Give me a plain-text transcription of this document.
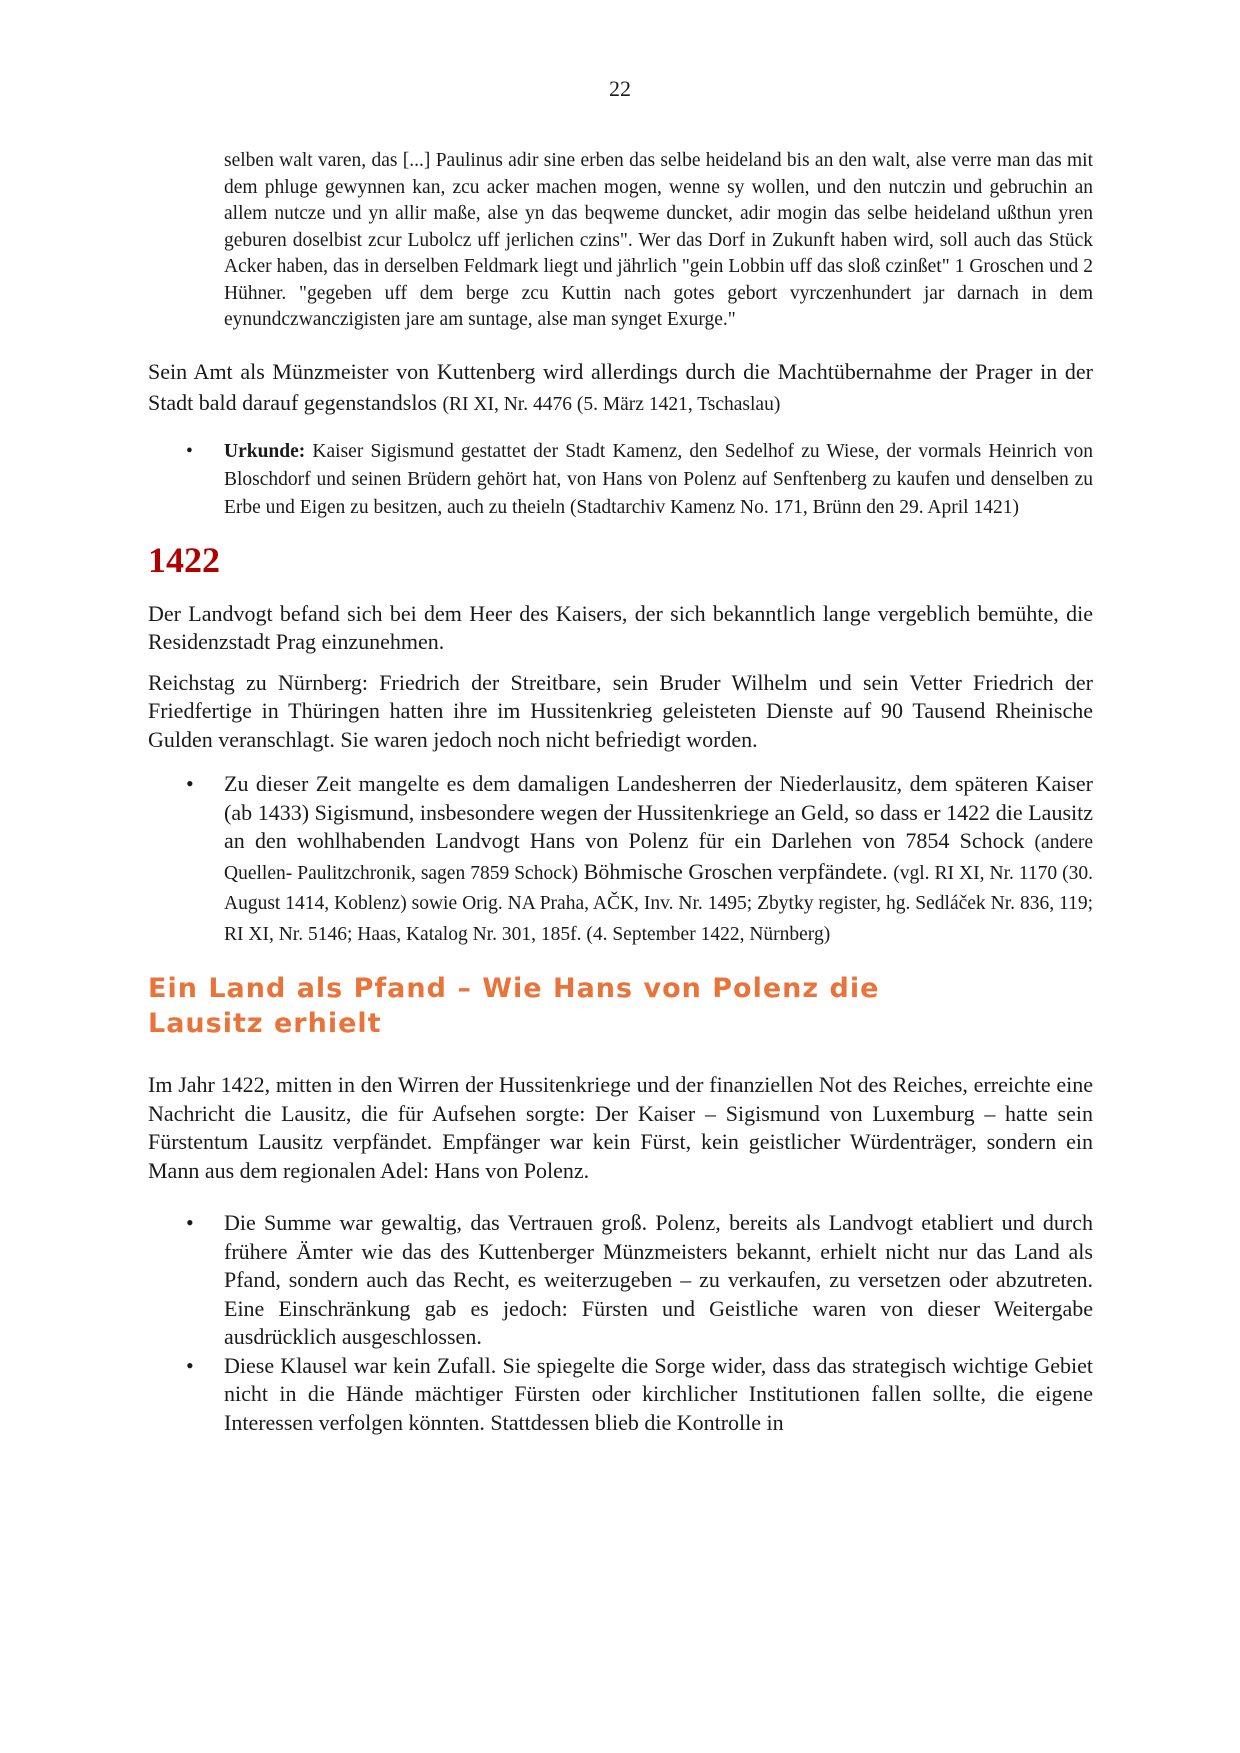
22

selben walt varen, das [...] Paulinus adir sine erben das selbe heideland bis an den walt, alse verre man das mit dem phluge gewynnen kan, zcu acker machen mogen, wenne sy wollen, und den nutczin und gebruchin an allem nutcze und yn allir maße, alse yn das beqweme duncket, adir mogin das selbe heideland ußthun yren geburen doselbist zcur Lubolcz uff jerlichen czins". Wer das Dorf in Zukunft haben wird, soll auch das Stück Acker haben, das in derselben Feldmark liegt und jährlich "gein Lobbin uff das sloß czinßet" 1 Groschen und 2 Hühner. "gegeben uff dem berge zcu Kuttin nach gotes gebort vyrczenhundert jar darnach in dem eynundczwanczigisten jare am suntage, alse man synget Exurge."

Sein Amt als Münzmeister von Kuttenberg wird allerdings durch die Machtübernahme der Prager in der Stadt bald darauf gegenstandslos (RI XI, Nr. 4476 (5. März 1421, Tschaslau)

• Urkunde: Kaiser Sigismund gestattet der Stadt Kamenz, den Sedelhof zu Wiese, der vormals Heinrich von Bloschdorf und seinen Brüdern gehört hat, von Hans von Polenz auf Senftenberg zu kaufen und denselben zu Erbe und Eigen zu besitzen, auch zu theieln (Stadtarchiv Kamenz No. 171, Brünn den 29. April 1421)
1422

Der Landvogt befand sich bei dem Heer des Kaisers, der sich bekanntlich lange vergeblich bemühte, die Residenzstadt Prag einzunehmen.

Reichstag zu Nürnberg: Friedrich der Streitbare, sein Bruder Wilhelm und sein Vetter Friedrich der Friedfertige in Thüringen hatten ihre im Hussitenkrieg geleisteten Dienste auf 90 Tausend Rheinische Gulden veranschlagt. Sie waren jedoch noch nicht befriedigt worden.

• Zu dieser Zeit mangelte es dem damaligen Landesherren der Niederlausitz, dem späteren Kaiser (ab 1433) Sigismund, insbesondere wegen der Hussitenkriege an Geld, so dass er 1422 die Lausitz an den wohlhabenden Landvogt Hans von Polenz für ein Darlehen von 7854 Schock (andere Quellen- Paulitzchronik, sagen 7859 Schock) Böhmische Groschen verpfändete. (vgl. RI XI, Nr. 1170 (30. August 1414, Koblenz) sowie Orig. NA Praha, AČK, Inv. Nr. 1495; Zbytky register, hg. Sedláček Nr. 836, 119; RI XI, Nr. 5146; Haas, Katalog Nr. 301, 185f. (4. September 1422, Nürnberg)
Ein Land als Pfand – Wie Hans von Polenz die Lausitz erhielt

Im Jahr 1422, mitten in den Wirren der Hussitenkriege und der finanziellen Not des Reiches, erreichte eine Nachricht die Lausitz, die für Aufsehen sorgte: Der Kaiser – Sigismund von Luxemburg – hatte sein Fürstentum Lausitz verpfändet. Empfänger war kein Fürst, kein geistlicher Würdenträger, sondern ein Mann aus dem regionalen Adel: Hans von Polenz.

• Die Summe war gewaltig, das Vertrauen groß. Polenz, bereits als Landvogt etabliert und durch frühere Ämter wie das des Kuttenberger Münzmeisters bekannt, erhielt nicht nur das Land als Pfand, sondern auch das Recht, es weiterzugeben – zu verkaufen, zu versetzen oder abzutreten. Eine Einschränkung gab es jedoch: Fürsten und Geistliche waren von dieser Weitergabe ausdrücklich ausgeschlossen.
• Diese Klausel war kein Zufall. Sie spiegelte die Sorge wider, dass das strategisch wichtige Gebiet nicht in die Hände mächtiger Fürsten oder kirchlicher Institutionen fallen sollte, die eigene Interessen verfolgen könnten. Stattdessen blieb die Kontrolle in
